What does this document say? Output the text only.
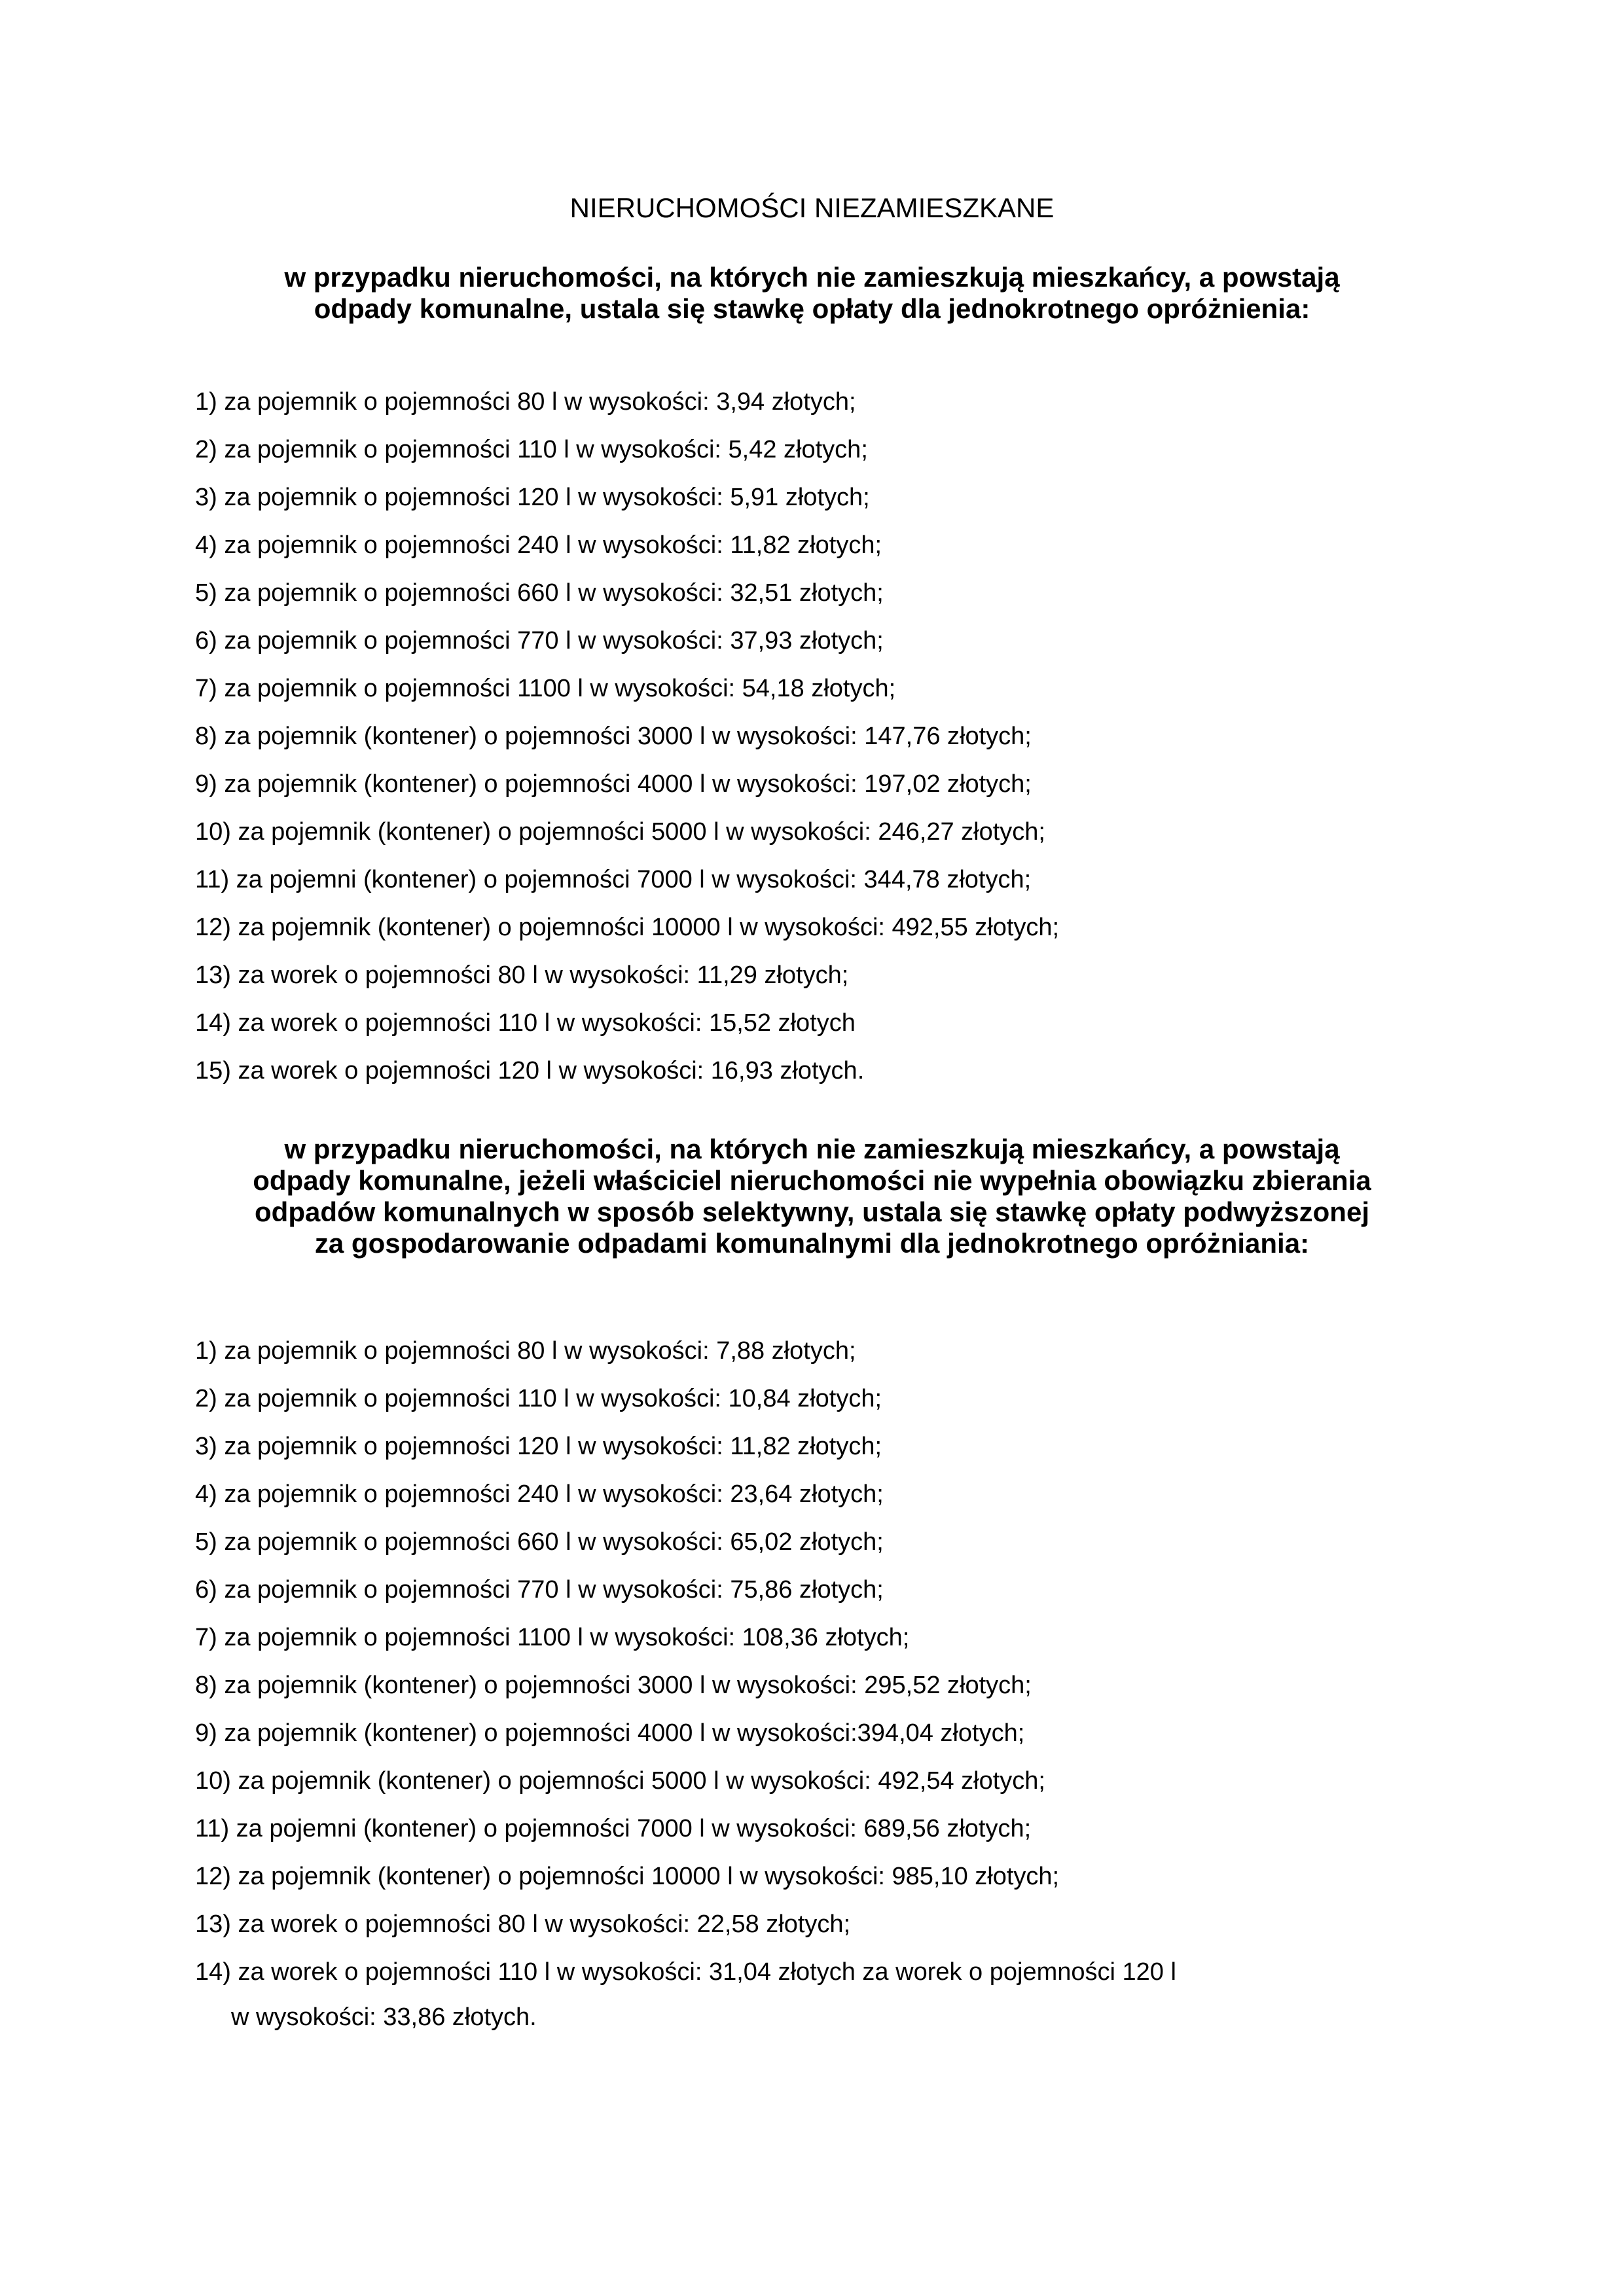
NIERUCHOMOŚCI NIEZAMIESZKANE
w przypadku nieruchomości, na których nie zamieszkują mieszkańcy, a powstają
odpady komunalne, ustala się stawkę opłaty dla jednokrotnego opróżnienia:
1) za pojemnik o pojemności 80 l w wysokości: 3,94 złotych;
2) za pojemnik o pojemności 110 l w wysokości: 5,42 złotych;
3) za pojemnik o pojemności 120 l w wysokości: 5,91 złotych;
4) za pojemnik o pojemności 240 l w wysokości: 11,82 złotych;
5) za pojemnik o pojemności 660 l w wysokości: 32,51 złotych;
6) za pojemnik o pojemności 770 l w wysokości: 37,93 złotych;
7) za pojemnik o pojemności 1100 l w wysokości: 54,18 złotych;
8) za pojemnik (kontener) o pojemności 3000 l w wysokości: 147,76 złotych;
9) za pojemnik (kontener) o pojemności 4000 l w wysokości: 197,02 złotych;
10) za pojemnik (kontener) o pojemności 5000 l w wysokości: 246,27 złotych;
11) za pojemni (kontener) o pojemności 7000 l w wysokości: 344,78 złotych;
12) za pojemnik (kontener) o pojemności 10000 l w wysokości: 492,55 złotych;
13) za worek o pojemności 80 l w wysokości: 11,29 złotych;
14) za worek o pojemności 110 l w wysokości: 15,52 złotych
15) za worek o pojemności 120 l w wysokości: 16,93 złotych.
w przypadku nieruchomości, na których nie zamieszkują mieszkańcy, a powstają
odpady komunalne, jeżeli właściciel nieruchomości nie wypełnia obowiązku zbierania
odpadów komunalnych w sposób selektywny, ustala się stawkę opłaty podwyższonej
za gospodarowanie odpadami komunalnymi dla jednokrotnego opróżniania:
1) za pojemnik o pojemności 80 l w wysokości: 7,88 złotych;
2) za pojemnik o pojemności 110 l w wysokości: 10,84 złotych;
3) za pojemnik o pojemności 120 l w wysokości: 11,82 złotych;
4) za pojemnik o pojemności 240 l w wysokości: 23,64 złotych;
5) za pojemnik o pojemności 660 l w wysokości: 65,02 złotych;
6) za pojemnik o pojemności 770 l w wysokości: 75,86 złotych;
7) za pojemnik o pojemności 1100 l w wysokości: 108,36 złotych;
8) za pojemnik (kontener) o pojemności 3000 l w wysokości: 295,52 złotych;
9) za pojemnik (kontener) o pojemności 4000 l w wysokości:394,04 złotych;
10) za pojemnik (kontener) o pojemności 5000 l w wysokości: 492,54 złotych;
11) za pojemni (kontener) o pojemności 7000 l w wysokości: 689,56 złotych;
12) za pojemnik (kontener) o pojemności 10000 l w wysokości: 985,10 złotych;
13) za worek o pojemności 80 l w wysokości: 22,58 złotych;
14) za worek o pojemności 110 l w wysokości: 31,04 złotych za worek o pojemności 120 l
w wysokości: 33,86 złotych.
